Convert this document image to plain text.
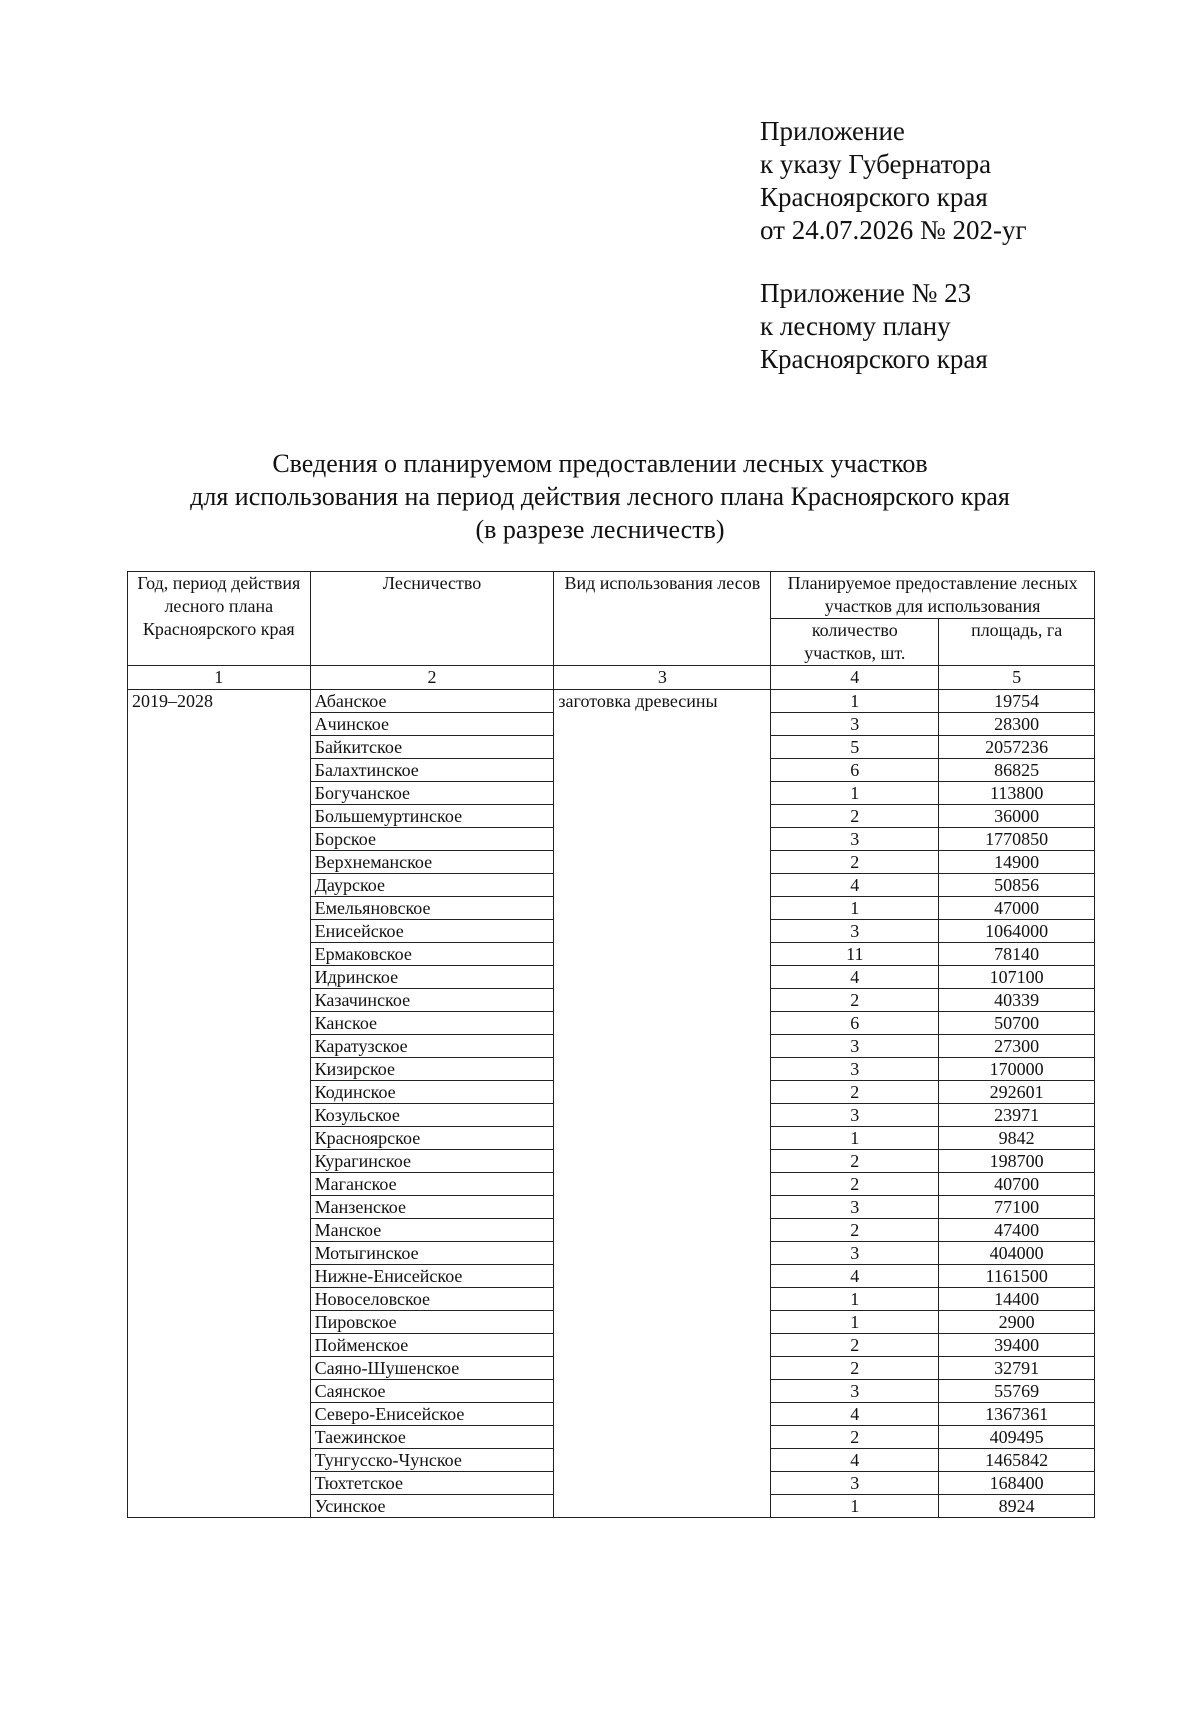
Приложение
к указу Губернатора
Красноярского края
от 24.07.2026 № 202-уг
Приложение № 23
к лесному плану
Красноярского края
Сведения о планируемом предоставлении лесных участков
для использования на период действия лесного плана Красноярского края
(в разрезе лесничеств)
Год, период действия лесного плана Красноярского края	Лесничество	Вид использования лесов	Планируемое предоставление лесных участков для использования	
			количество участков, шт.	площадь, га
1	2	3	4	5
2019–2028	Абанское	заготовка древесины	1	19754
	Ачинское		3	28300
	Байкитское		5	2057236
	Балахтинское		6	86825
	Богучанское		1	113800
	Большемуртинское		2	36000
	Борское		3	1770850
	Верхнеманское		2	14900
	Даурское		4	50856
	Емельяновское		1	47000
	Енисейское		3	1064000
	Ермаковское		11	78140
	Идринское		4	107100
	Казачинское		2	40339
	Канское		6	50700
	Каратузское		3	27300
	Кизирское		3	170000
	Кодинское		2	292601
	Козульское		3	23971
	Красноярское		1	9842
	Курагинское		2	198700
	Маганское		2	40700
	Манзенское		3	77100
	Манское		2	47400
	Мотыгинское		3	404000
	Нижне-Енисейское		4	1161500
	Новоселовское		1	14400
	Пировское		1	2900
	Пойменское		2	39400
	Саяно-Шушенское		2	32791
	Саянское		3	55769
	Северо-Енисейское		4	1367361
	Таежинское		2	409495
	Тунгусско-Чунское		4	1465842
	Тюхтетское		3	168400
	Усинское		1	8924
